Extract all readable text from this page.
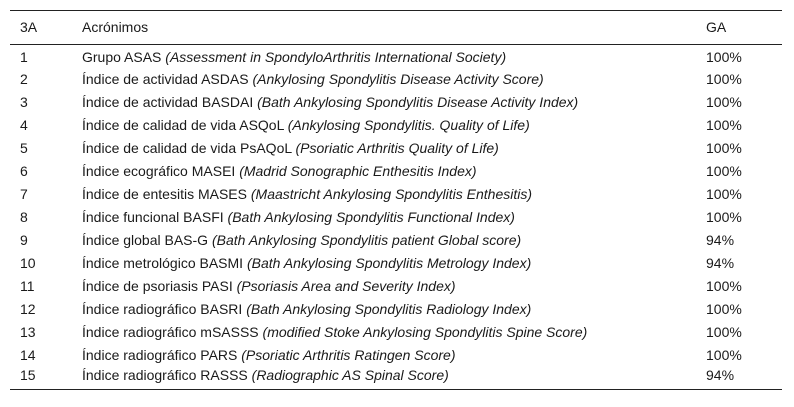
3A	Acrónimos	GA
1	Grupo ASAS (Assessment in SpondyloArthritis International Society)	100%
2	Índice de actividad ASDAS (Ankylosing Spondylitis Disease Activity Score)	100%
3	Índice de actividad BASDAI (Bath Ankylosing Spondylitis Disease Activity Index)	100%
4	Índice de calidad de vida ASQoL (Ankylosing Spondylitis. Quality of Life)	100%
5	Índice de calidad de vida PsAQoL (Psoriatic Arthritis Quality of Life)	100%
6	Índice ecográfico MASEI (Madrid Sonographic Enthesitis Index)	100%
7	Índice de entesitis MASES (Maastricht Ankylosing Spondylitis Enthesitis)	100%
8	Índice funcional BASFI (Bath Ankylosing Spondylitis Functional Index)	100%
9	Índice global BAS-G (Bath Ankylosing Spondylitis patient Global score)	94%
10	Índice metrológico BASMI (Bath Ankylosing Spondylitis Metrology Index)	94%
11	Índice de psoriasis PASI (Psoriasis Area and Severity Index)	100%
12	Índice radiográfico BASRI (Bath Ankylosing Spondylitis Radiology Index)	100%
13	Índice radiográfico mSASSS (modified Stoke Ankylosing Spondylitis Spine Score)	100%
14	Índice radiográfico PARS (Psoriatic Arthritis Ratingen Score)	100%
15	Índice radiográfico RASSS (Radiographic AS Spinal Score)	94%
